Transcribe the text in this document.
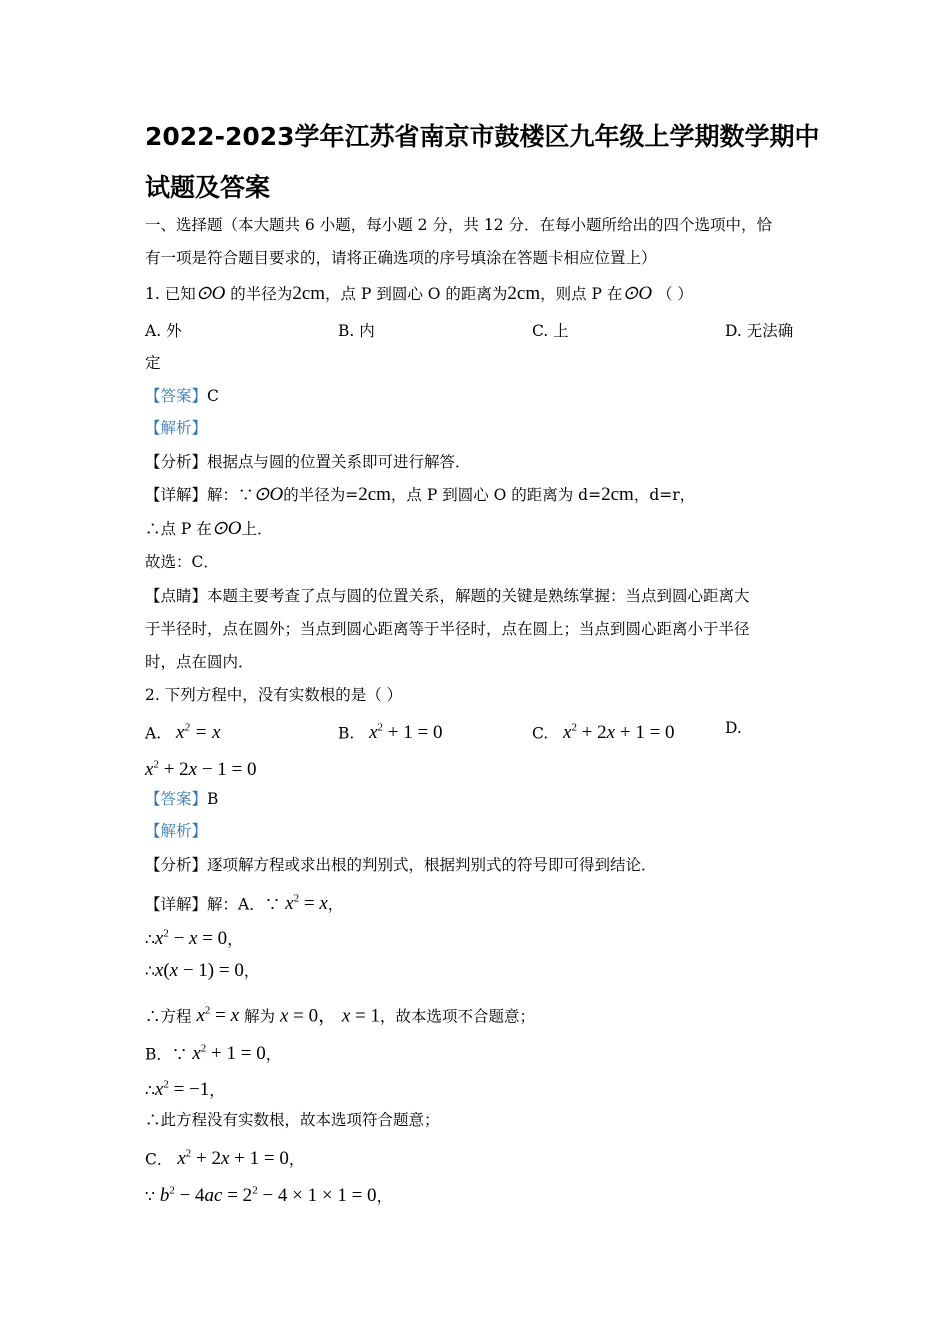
2022-2023学年江苏省南京市鼓楼区九年级上学期数学期中
试题及答案
一、选择题（本大题共 6 小题，每小题 2 分，共 12 分．在每小题所给出的四个选项中，恰
有一项是符合题目要求的，请将正确选项的序号填涂在答题卡相应位置上）
1. 已知⊙O 的半径为2cm，点 P 到圆心 O 的距离为2cm，则点 P 在⊙O （ ）
A. 外	B. 内	C. 上	D. 无法确
定
【答案】C
【解析】
【分析】根据点与圆的位置关系即可进行解答．
【详解】解：∵⊙O的半径为=2cm，点 P 到圆心 O 的距离为 d=2cm，d=r，
∴点 P 在⊙O上．
故选：C．
【点睛】本题主要考查了点与圆的位置关系，解题的关键是熟练掌握：当点到圆心距离大
于半径时，点在圆外；当点到圆心距离等于半径时，点在圆上；当点到圆心距离小于半径
时，点在圆内．
2. 下列方程中，没有实数根的是（ ）
A. $x^2 = x$	B. $x^2 + 1 = 0$	C. $x^2 + 2x + 1 = 0$	D.
$x^2 + 2x - 1 = 0$
【答案】B
【解析】
【分析】逐项解方程或求出根的判别式，根据判别式的符号即可得到结论．
【详解】解：A．∵ $x^2 = x$，
$\therefore x^2 - x = 0$，
∴x(x − 1) = 0，
∴方程 $x^2 = x$ 解为 x = 0， x = 1，故本选项不合题意；
B．∵ $x^2 + 1 = 0$，
$\therefore x^2 = -1$，
∴此方程没有实数根，故本选项符合题意；
C． $x^2 + 2x + 1 = 0$，
∵ $b^2 - 4ac = 2^2 - 4 \times 1 \times 1 = 0$，
